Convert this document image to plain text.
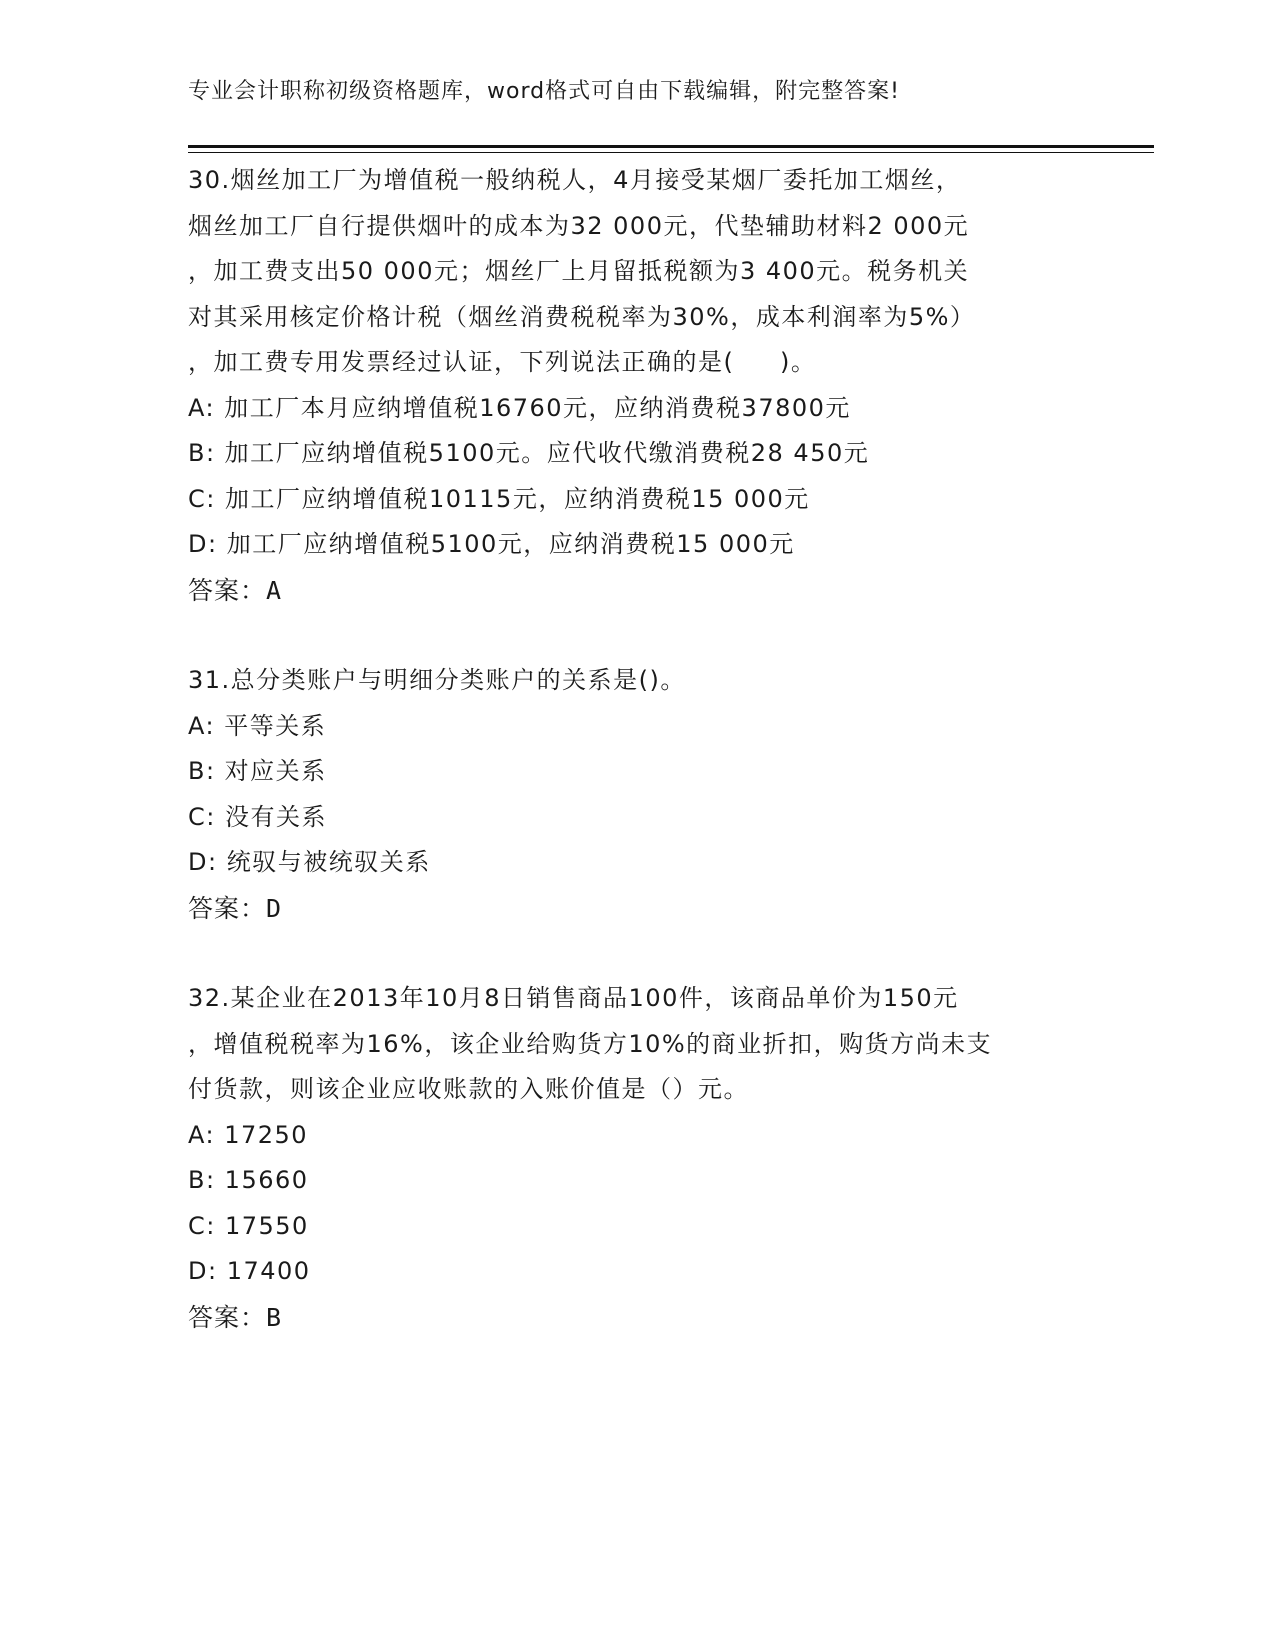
专业会计职称初级资格题库，word格式可自由下载编辑，附完整答案!
30.烟丝加工厂为增值税一般纳税人，4月接受某烟厂委托加工烟丝，
烟丝加工厂自行提供烟叶的成本为32 000元，代垫辅助材料2 000元
，加工费支出50 000元；烟丝厂上月留抵税额为3 400元。税务机关
对其采用核定价格计税（烟丝消费税税率为30%，成本利润率为5%）
，加工费专用发票经过认证，下列说法正确的是(     )。
A: 加工厂本月应纳增值税16760元，应纳消费税37800元
B: 加工厂应纳增值税5100元。应代收代缴消费税28 450元
C: 加工厂应纳增值税10115元，应纳消费税15 000元
D: 加工厂应纳增值税5100元，应纳消费税15 000元
答案：A
31.总分类账户与明细分类账户的关系是()。
A: 平等关系
B: 对应关系
C: 没有关系
D: 统驭与被统驭关系
答案：D
32.某企业在2013年10月8日销售商品100件，该商品单价为150元
，增值税税率为16%，该企业给购货方10%的商业折扣，购货方尚未支
付货款，则该企业应收账款的入账价值是（）元。
A: 17250
B: 15660
C: 17550
D: 17400
答案：B
